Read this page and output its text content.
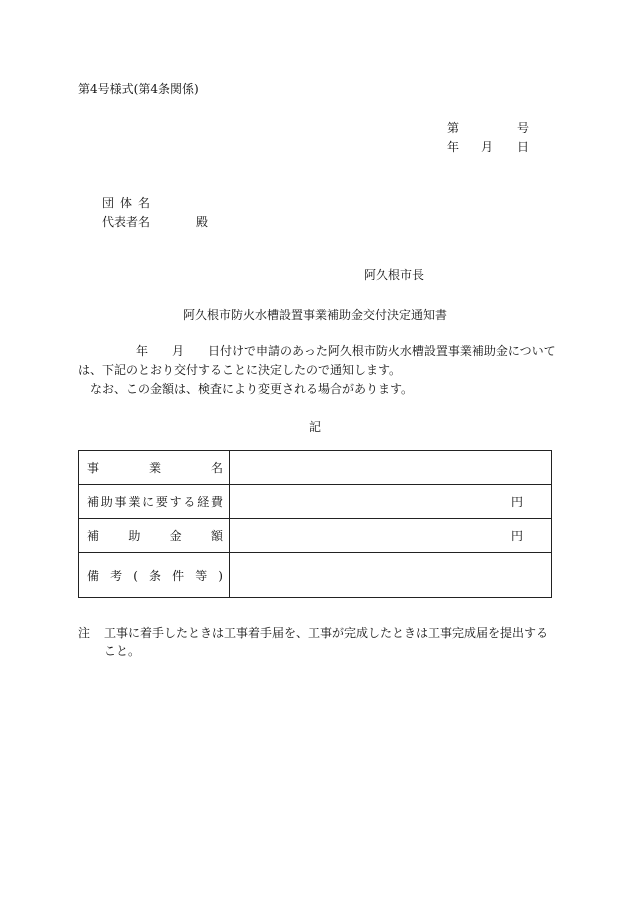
第4号様式(第4条関係)
第	号
年 月 日
団体名
代表者名	殿
阿久根市長
阿久根市防火水槽設置事業補助金交付決定通知書

年 月 日付けで申請のあった阿久根市防火水槽設置事業補助金については、下記のとおり交付することに決定したので通知します。

なお、この金額は、検査により変更される場合があります。

記
事業名	
補助事業に要する経費	円
補助金額	円
備考(条件等)	
注	工事に着手したときは工事着手届を、工事が完成したときは工事完成届を提出すること。
